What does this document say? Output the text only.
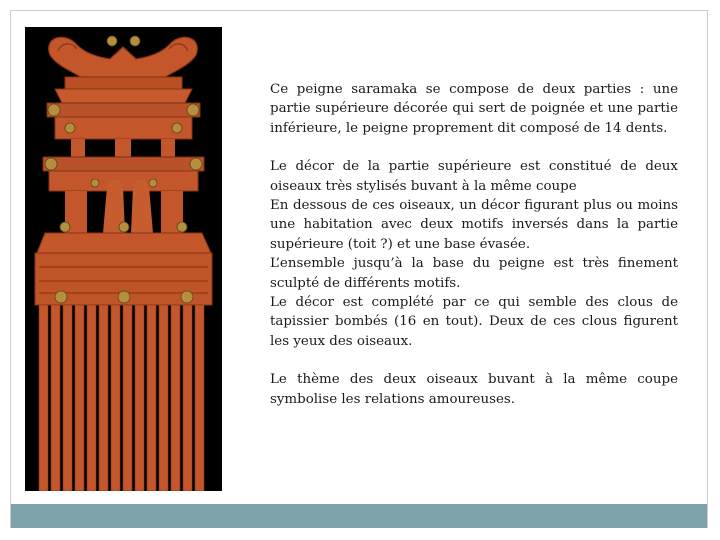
Ce peigne saramaka se compose de deux parties : une partie supérieure décorée qui sert de poignée et une partie inférieure, le peigne proprement dit composé de 14 dents.

Le décor de la partie supérieure est constitué de deux oiseaux très stylisés buvant à la même coupe

En dessous de ces oiseaux, un décor figurant plus ou moins une habitation avec deux motifs inversés dans la partie supérieure (toit ?) et une base évasée.

L’ensemble jusqu’à la base du peigne est très finement sculpté de différents motifs.

Le décor est complété par ce qui semble des clous de tapissier bombés (16 en tout). Deux de ces clous figurent les yeux des oiseaux.

Le thème des deux oiseaux buvant à la même coupe symbolise les relations amoureuses.
